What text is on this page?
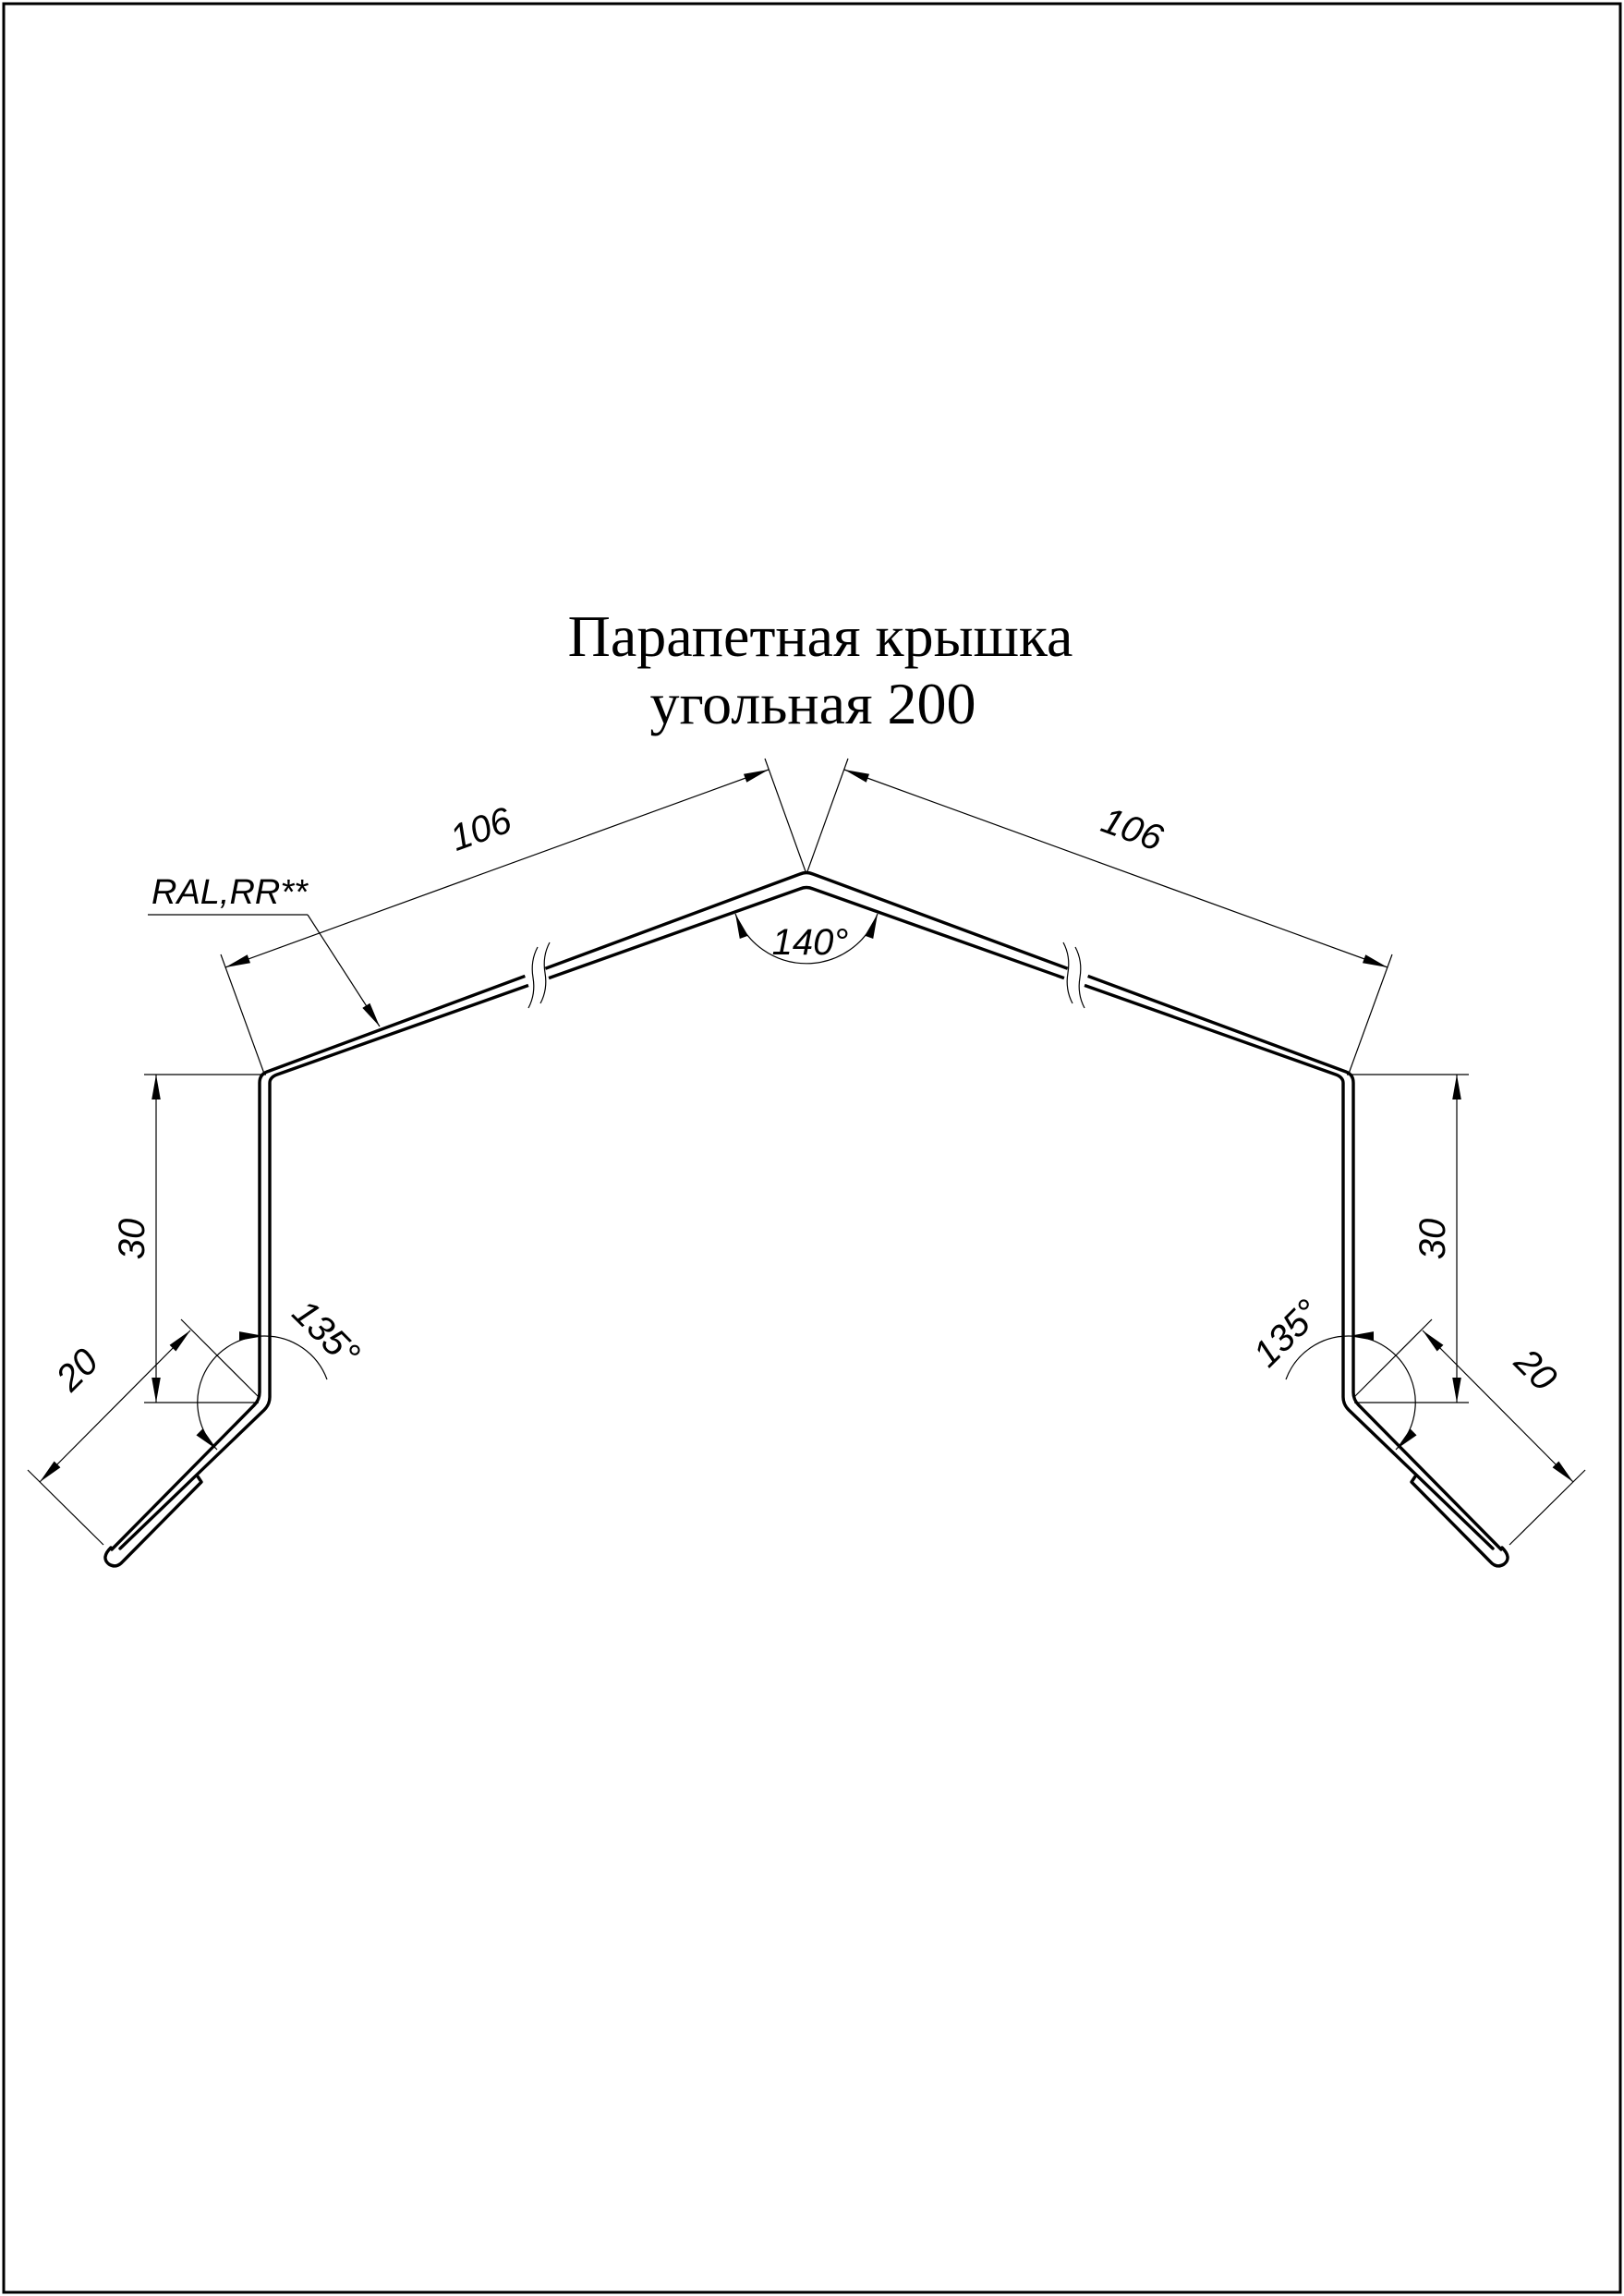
Парапетная крышка
угольная 200
106	106
140°
30	30
20	20
135°	135°
RAL,RR**
